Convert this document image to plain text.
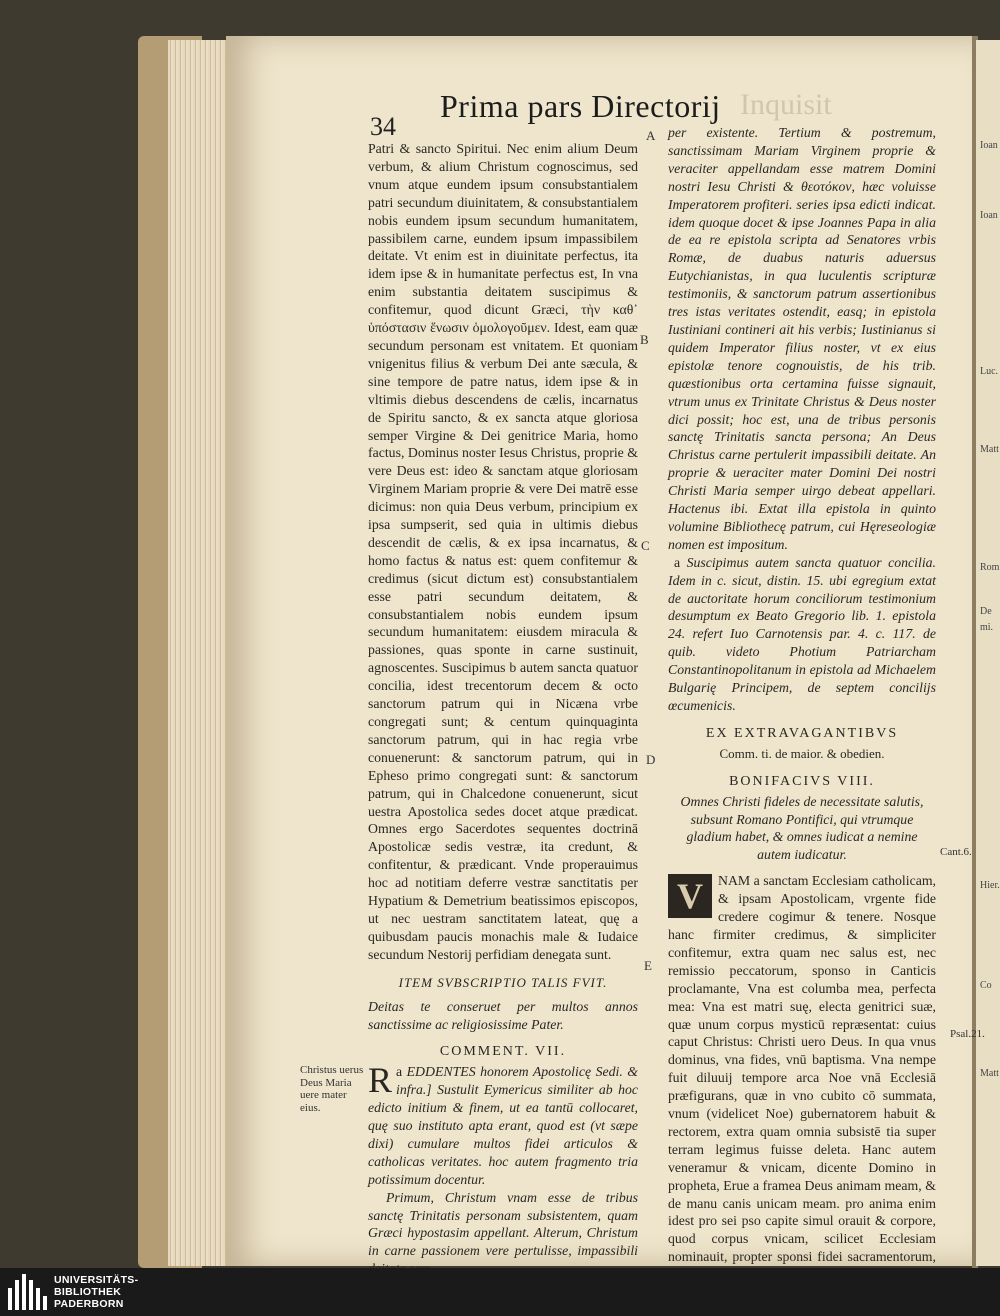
Inquisit
34
Prima pars Directorij
A
B
C
D
E

Patri & sancto Spiritui. Nec enim alium Deum verbum, & alium Christum cognoscimus, sed vnum atque eundem ipsum consubstantialem patri secundum diuinitatem, & consubstantialem nobis eundem ipsum secundum humanitatem, passibilem carne, eundem ipsum impassibilem deitate. Vt enim est in diuinitate perfectus, ita idem ipse & in humanitate perfectus est, In vna enim substantia deitatem suscipimus & confitemur, quod dicunt Græci, τὴν καθ᾽ ὑπόστασιν ἕνωσιν ὁμολογοῦμεν. Idest, eam quæ secundum personam est vnitatem. Et quoniam vnigenitus filius & verbum Dei ante sæcula, & sine tempore de patre natus, idem ipse & in vltimis diebus descendens de cælis, incarnatus de Spiritu sancto, & ex sancta atque gloriosa semper Virgine & Dei genitrice Maria, homo factus, Dominus noster Iesus Christus, proprie & vere Deus est: ideo & sanctam atque gloriosam Virginem Mariam proprie & vere Dei matrē esse dicimus: non quia Deus verbum, principium ex ipsa sumpserit, sed quia in ultimis diebus descendit de cælis, & ex ipsa incarnatus, & homo factus & natus est: quem confitemur & credimus (sicut dictum est) consubstantialem esse patri secundum deitatem, & consubstantialem nobis eundem ipsum secundum humanitatem: eiusdem miracula & passiones, quas sponte in carne sustinuit, agnoscentes. Suscipimus b autem sancta quatuor concilia, idest trecentorum decem & octo sanctorum patrum qui in Nicæna vrbe congregati sunt; & centum quinquaginta sanctorum patrum, qui in hac regia vrbe conuenerunt: & sanctorum patrum, qui in Epheso primo congregati sunt: & sanctorum patrum, qui in Chalcedone conuenerunt, sicut uestra Apostolica sedes docet atque prædicat. Omnes ergo Sacerdotes sequentes doctrinā Apostolicæ sedis vestræ, ita credunt, & confitentur, & prædicant. Vnde properauimus hoc ad notitiam deferre vestræ sanctitatis per Hypatium & Demetrium beatissimos episcopos, ut nec uestram sanctitatem lateat, quę a quibusdam paucis monachis male & Iudaice secundum Nestorij perfidiam denegata sunt.

ITEM SVBSCRIPTIO TALIS FVIT.

Deitas te conseruet per multos annos sanctissime ac religiosissime Pater.

COMMENT. VII.

a
R EDDENTES honorem Apostolicę Sedi. & infra.] Sustulit Eymericus similiter ab hoc edicto initium & finem, ut ea tantū collocaret, quę suo instituto apta erant, quod est (vt sæpe dixi) cumulare multos fidei articulos & catholicas veritates. hoc autem fragmento tria potissimum docentur.

Primum, Christum vnam esse de tribus sanctę Trinitatis personam subsistentem, quam Græci hypostasim appellant. Alterum, Christum in carne passionem vere pertulisse, impassibili

Christus uerus Deus Maria uere mater eius.

per existente. Tertium & postremum, sanctissimam Mariam Virginem proprie & veraciter appellandam esse matrem Domini nostri Iesu Christi & θεοτόκον, hæc voluisse Imperatorem profiteri. series ipsa edicti indicat. idem quoque docet & ipse Joannes Papa in alia de ea re epistola scripta ad Senatores vrbis Romæ, de duabus naturis aduersus Eutychianistas, in qua luculentis scripturæ testimoniis, & sanctorum patrum assertionibus tres istas veritates ostendit, easq; in epistola Iustiniani contineri ait his verbis; Iustinianus si quidem Imperator filius noster, vt ex eius epistolæ tenore cognouistis, de his trib. quæstionibus orta certamina fuisse signauit, vtrum unus ex Trinitate Christus & Deus noster dici possit; hoc est, una de tribus personis sanctę Trinitatis sancta persona; An Deus Christus carne pertulerit impassibili deitate. An proprie & ueraciter mater Domini Dei nostri Christi Maria semper uirgo debeat appellari. Hactenus ibi. Extat illa epistola in quinto volumine Bibliothecę patrum, cui Hęreseologiæ nomen est impositum.

a Suscipimus autem sancta quatuor concilia. Idem in c. sicut, distin. 15. ubi egregium extat de auctoritate horum conciliorum testimonium desumptum ex Beato Gregorio lib. 1. epistola 24. refert Iuo Carnotensis par. 4. c. 117. de quib. videto Photium Patriarcham Constantinopolitanum in epistola ad Michaelem Bulgarię Principem, de septem concilijs œcumenicis.

EX EXTRAVAGANTIBVS
Comm. ti. de maior. & obedien.
BONIFACIVS VIII.

Omnes Christi fideles de necessitate salutis, subsunt Romano Pontifici, qui vtrumque gladium habet, & omnes iudicat a nemine autem iudicatur.

V	NAM a sanctam Ecclesiam catholicam, & ipsam Apostolicam, vrgente fide credere cogimur & tenere. Nosque hanc firmiter credimus, & simpliciter confitemur, extra quam nec salus est, nec remissio peccatorum, sponso in Canticis proclamante, Vna est columba mea, perfecta mea: Vna est matri suę, electa genitrici suæ, quæ unum corpus mysticū repræsentat: cuius caput Christus: Christi uero Deus. In qua vnus dominus, vna fides, vnū baptisma. Vna nempe fuit diluuij tempore arca Noe vnā Ecclesiā præfigurans, quæ in vno cubito cō summata, vnum (videlicet Noe) gubernatorem habuit & rectorem, extra quam omnia subsistē tia super terram legimus fuisse deleta. Hanc autem veneramur & vnicam, dicente Domino in propheta, Erue a framea Deus animam meam, & de manu canis unicam meam. pro anima enim idest pro sei pso capite simul orauit & corpore, quod corpus vnicam, scilicet Ecclesiam nominauit, propter sponsi fidei sacramentorum,

Cant.6.
Psal.21.
Ioan
Ioan
Luc.
Matt
Rom
De
mi.
Hier.
Co
Matt
UNIVERSITÄTS-
BIBLIOTHEK
PADERBORN
